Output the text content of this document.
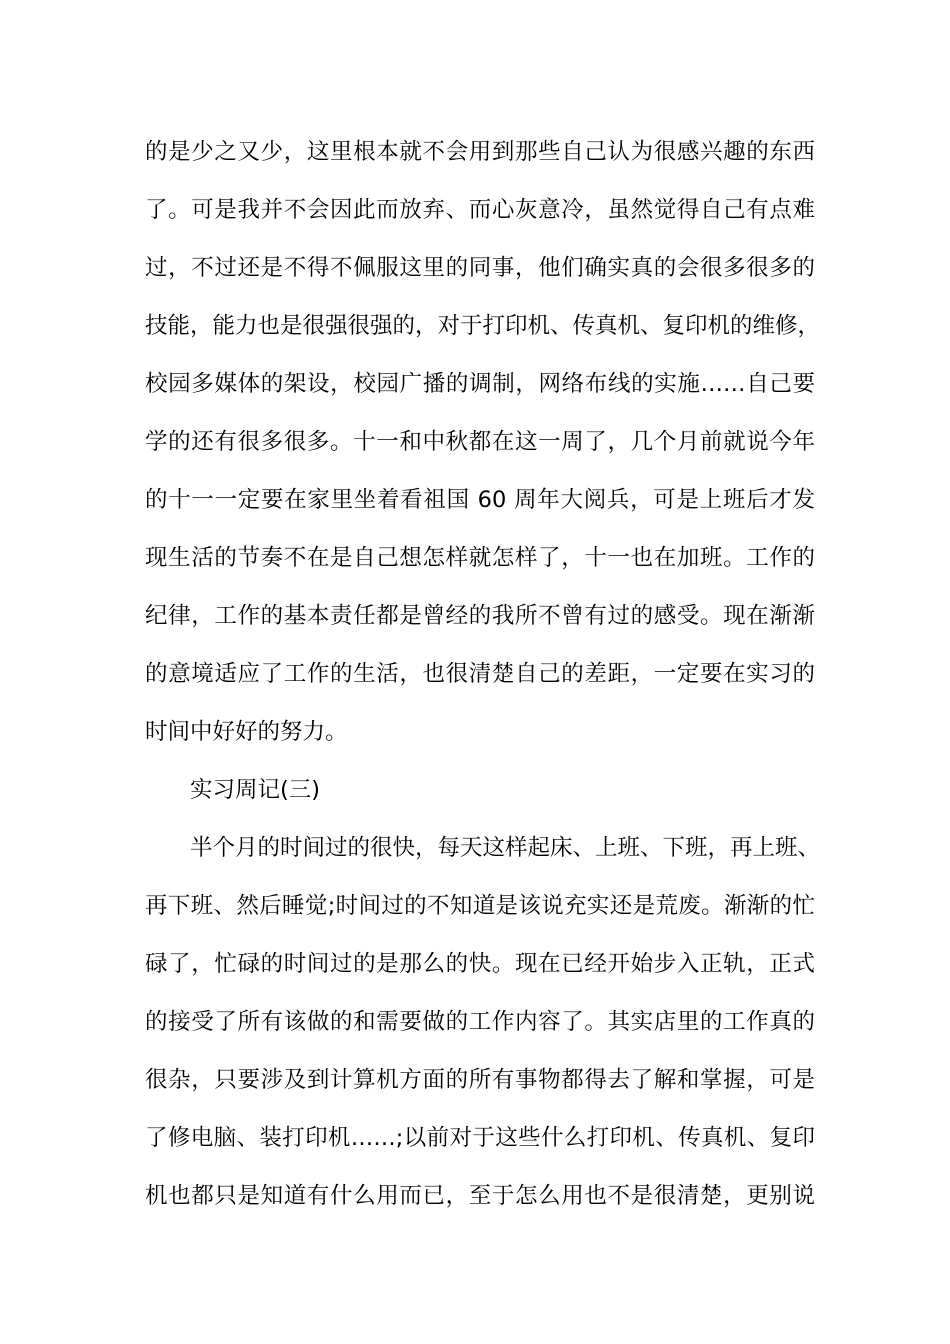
的是少之又少，这里根本就不会用到那些自己认为很感兴趣的东西
了。可是我并不会因此而放弃、而心灰意冷，虽然觉得自己有点难
过，不过还是不得不佩服这里的同事，他们确实真的会很多很多的
技能，能力也是很强很强的，对于打印机、传真机、复印机的维修，
校园多媒体的架设，校园广播的调制，网络布线的实施……自己要
学的还有很多很多。十一和中秋都在这一周了，几个月前就说今年
的十一一定要在家里坐着看祖国 60 周年大阅兵，可是上班后才发
现生活的节奏不在是自己想怎样就怎样了，十一也在加班。工作的
纪律，工作的基本责任都是曾经的我所不曾有过的感受。现在渐渐
的意境适应了工作的生活，也很清楚自己的差距，一定要在实习的
时间中好好的努力。
实习周记(三)
半个月的时间过的很快，每天这样起床、上班、下班，再上班、
再下班、然后睡觉;时间过的不知道是该说充实还是荒废。渐渐的忙
碌了，忙碌的时间过的是那么的快。现在已经开始步入正轨，正式
的接受了所有该做的和需要做的工作内容了。其实店里的工作真的
很杂，只要涉及到计算机方面的所有事物都得去了解和掌握，可是
了修电脑、装打印机……;以前对于这些什么打印机、传真机、复印
机也都只是知道有什么用而已，至于怎么用也不是很清楚，更别说
